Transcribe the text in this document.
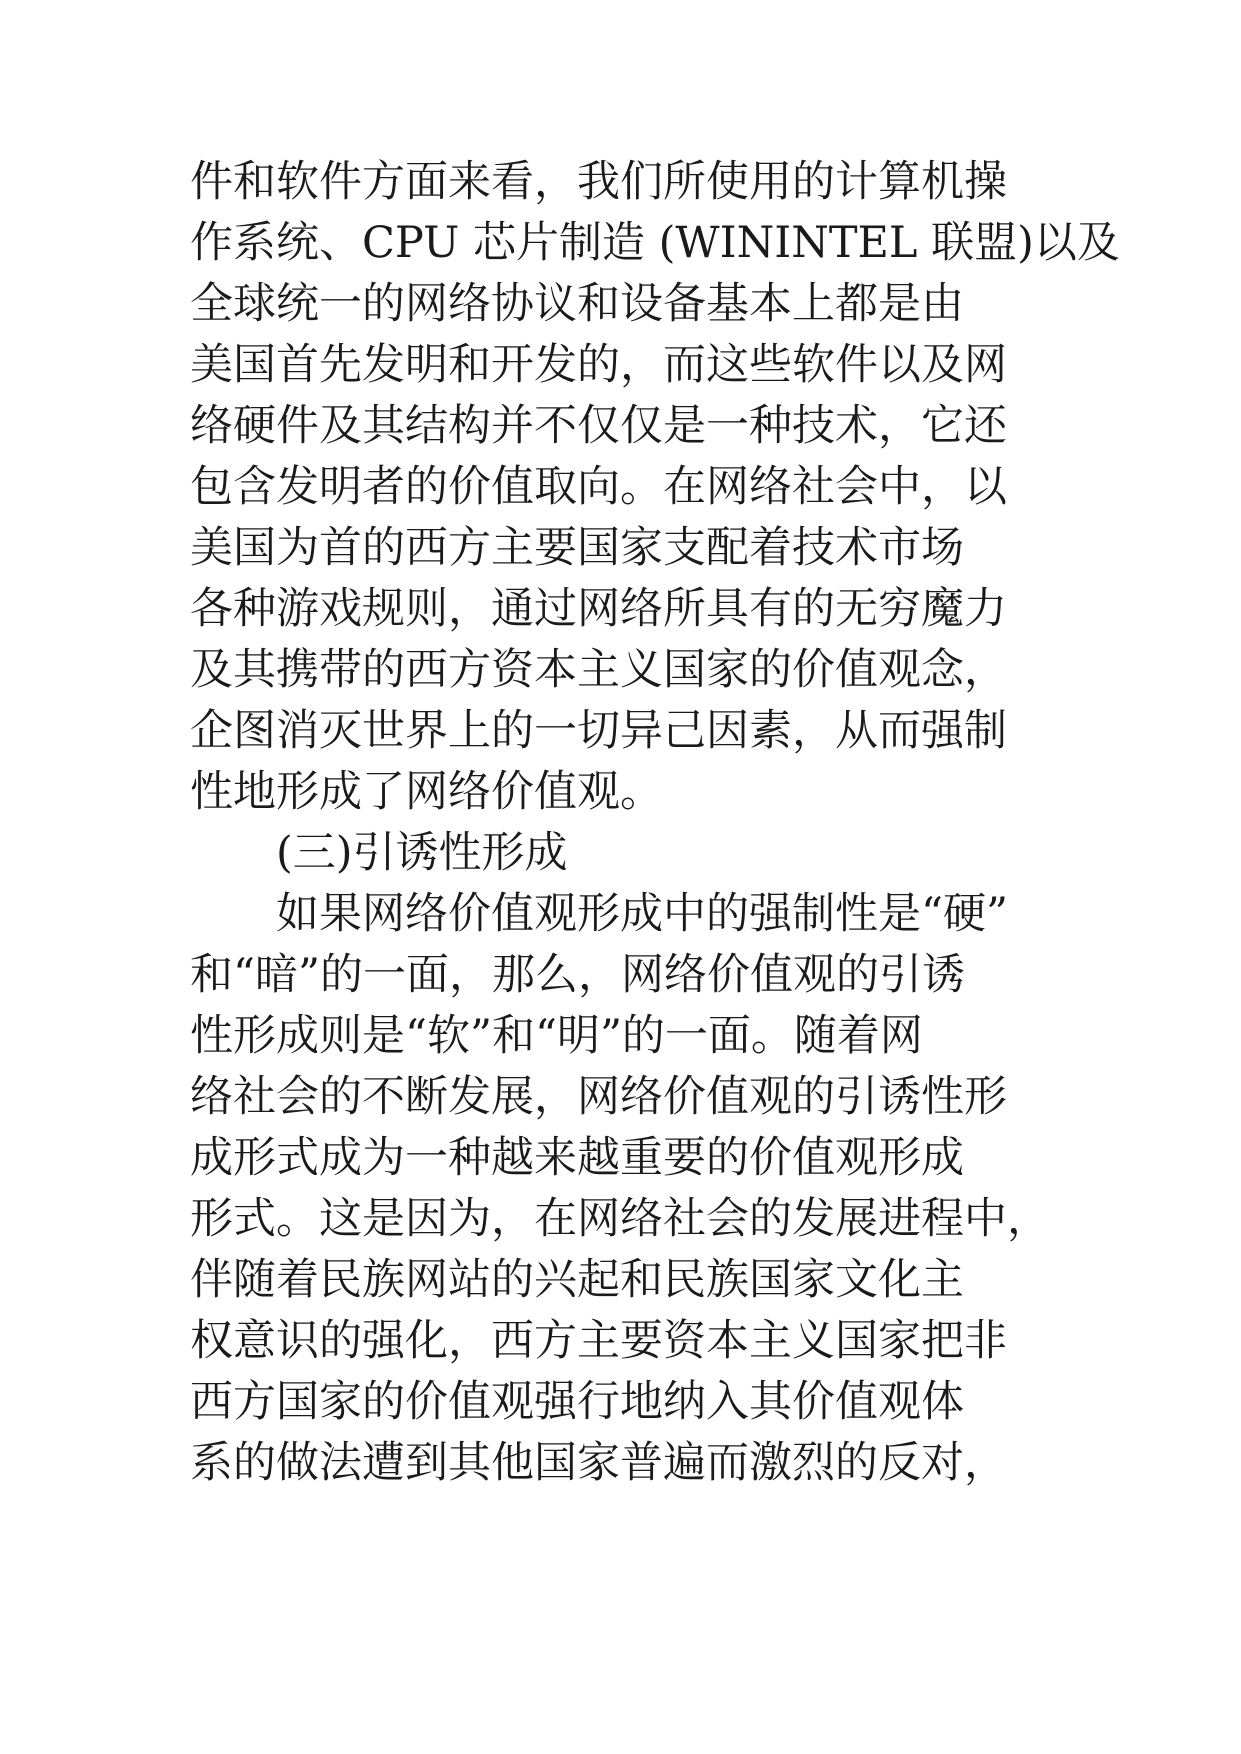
件和软件方面来看，我们所使用的计算机操
作系统、CPU 芯片制造 (WININTEL 联盟)以及
全球统一的网络协议和设备基本上都是由
美国首先发明和开发的，而这些软件以及网
络硬件及其结构并不仅仅是一种技术，它还
包含发明者的价值取向。在网络社会中，以
美国为首的西方主要国家支配着技术市场
各种游戏规则，通过网络所具有的无穷魔力
及其携带的西方资本主义国家的价值观念，
企图消灭世界上的一切异己因素，从而强制
性地形成了网络价值观。
(三)引诱性形成
如果网络价值观形成中的强制性是“硬”
和“暗”的一面，那么，网络价值观的引诱
性形成则是“软”和“明”的一面。随着网
络社会的不断发展，网络价值观的引诱性形
成形式成为一种越来越重要的价值观形成
形式。这是因为，在网络社会的发展进程中，
伴随着民族网站的兴起和民族国家文化主
权意识的强化，西方主要资本主义国家把非
西方国家的价值观强行地纳入其价值观体
系的做法遭到其他国家普遍而激烈的反对，
